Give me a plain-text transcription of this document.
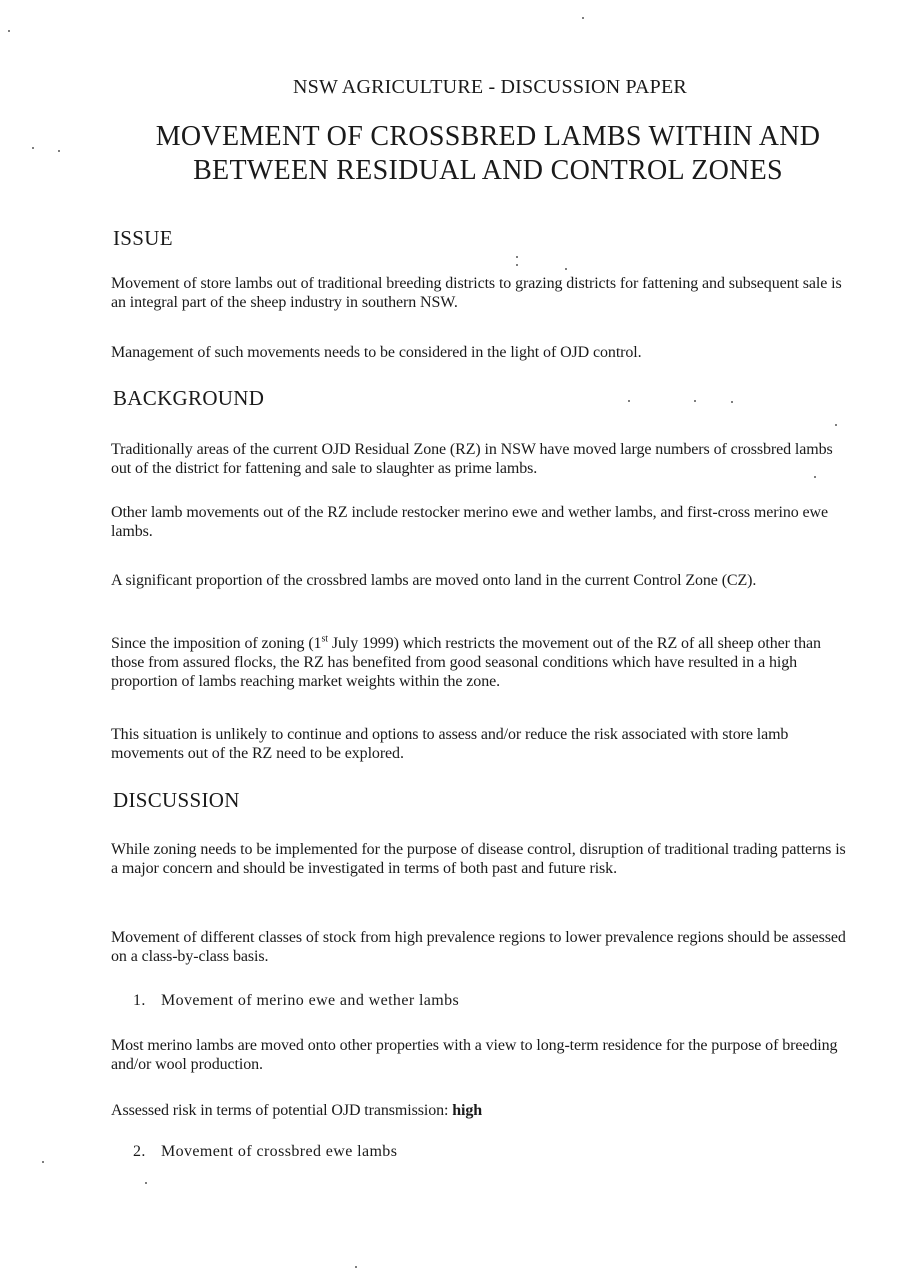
NSW AGRICULTURE - DISCUSSION PAPER
MOVEMENT OF CROSSBRED LAMBS WITHIN AND
BETWEEN RESIDUAL AND CONTROL ZONES
ISSUE
Movement of store lambs out of traditional breeding districts to grazing districts for fattening and subsequent sale is an integral part of the sheep industry in southern NSW.
Management of such movements needs to be considered in the light of OJD control.
BACKGROUND
Traditionally areas of the current OJD Residual Zone (RZ) in NSW have moved large numbers of crossbred lambs out of the district for fattening and sale to slaughter as prime lambs.
Other lamb movements out of the RZ include restocker merino ewe and wether lambs, and first-cross merino ewe lambs.
A significant proportion of the crossbred lambs are moved onto land in the current Control Zone (CZ).
Since the imposition of zoning (1st July 1999) which restricts the movement out of the RZ of all sheep other than those from assured flocks, the RZ has benefited from good seasonal conditions which have resulted in a high proportion of lambs reaching market weights within the zone.
This situation is unlikely to continue and options to assess and/or reduce the risk associated with store lamb movements out of the RZ need to be explored.
DISCUSSION
While zoning needs to be implemented for the purpose of disease control, disruption of traditional trading patterns is a major concern and should be investigated in terms of both past and future risk.
Movement of different classes of stock from high prevalence regions to lower prevalence regions should be assessed on a class-by-class basis.
1. Movement of merino ewe and wether lambs
Most merino lambs are moved onto other properties with a view to long-term residence for the purpose of breeding and/or wool production.
Assessed risk in terms of potential OJD transmission: high
2. Movement of crossbred ewe lambs
